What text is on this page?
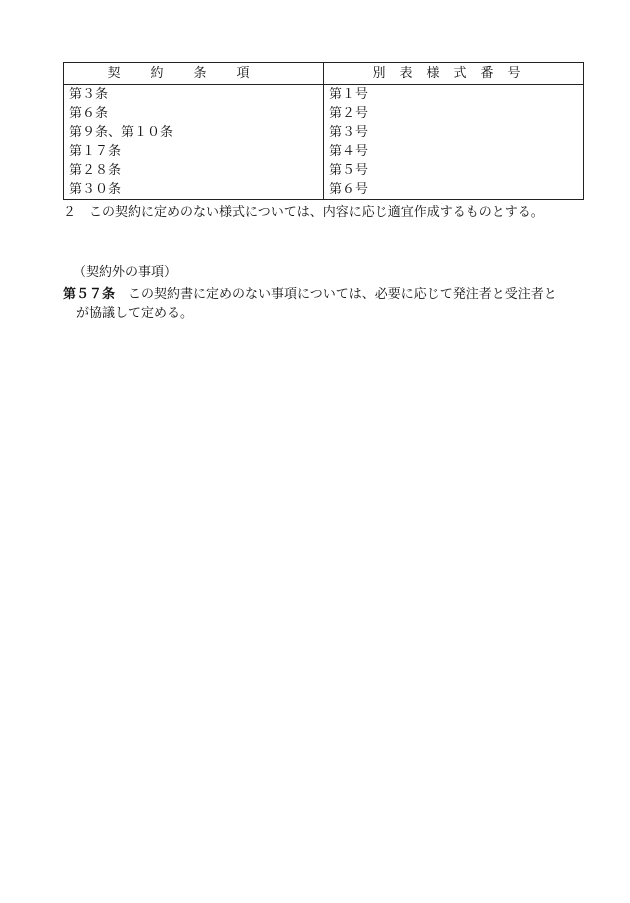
契約条項	別表様式番号
第３条	第１号
第６条	第２号
第９条、第１０条	第３号
第１７条	第４号
第２８条	第５号
第３０条	第６号
２　この契約に定めのない様式については、内容に応じ適宜作成するものとする。
（契約外の事項）
第５７条　この契約書に定めのない事項については、必要に応じて発注者と受注者と
が協議して定める。
